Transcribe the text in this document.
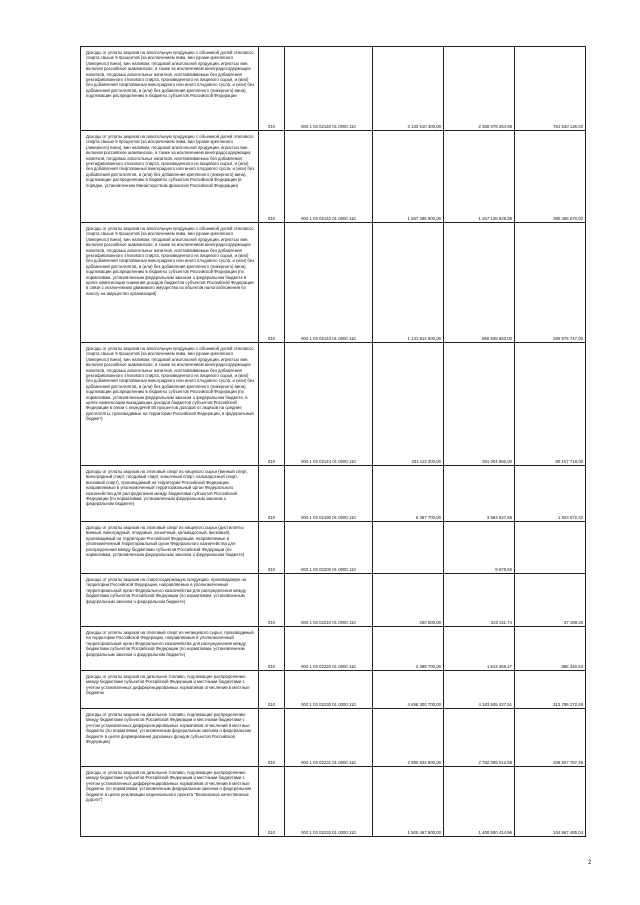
Доходы от уплаты акцизов на алкогольную продукцию с объемной долей этилового спирта свыше 9 процентов (за исключением пива, вин (кроме крепленого (ликерного) вина), вин наливом, плодовой алкогольной продукции, игристых вин, включая российское шампанское, а также за исключением виноградосодержащих напитков, плодовых алкогольных напитков, изготавливаемых без добавления ректификованного этилового спирта, произведенного из пищевого сырья, и (или) без добавления спиртованных виноградного или иного плодового сусла, и (или) без добавления дистиллятов, и (или) без добавления крепленого (ликерного) вина), подлежащие распределению в бюджеты субъектов Российской Федерации	010	000 1 03 02140 01 0000 110	3 133 610 400,00	2 368 079 264,98	761 540 136,02

Доходы от уплаты акцизов на алкогольную продукцию с объемной долей этилового спирта свыше 9 процентов (за исключением пива, вин (кроме крепленого (ликерного) вина), вин наливом, плодовой алкогольной продукции, игристых вин, включая российское шампанское, а также за исключением виноградосодержащих напитков, плодовых алкогольных напитков, изготавливаемых без добавления ректификованного этилового спирта, произведенного из пищевого сырья, и (или) без добавления спиртованных виноградного или иного плодового сусла, и (или) без добавления дистиллятов, и (или) без добавления крепленого (ликерного) вина), подлежащие распределению в бюджеты субъектов Российской Федерации (в порядке, установленном Министерством финансов Российской Федерации)	010	000 1 03 02142 01 0000 110	1 657 385 900,00	1 267 138 829,98	390 456 070,02

Доходы от уплаты акцизов на алкогольную продукцию с объемной долей этилового спирта свыше 9 процентов (за исключением пива, вин (кроме крепленого (ликерного) вина), вин наливом, плодовой алкогольной продукции, игристых вин, включая российское шампанское, а также за исключением виноградосодержащих напитков, плодовых алкогольных напитков, изготавливаемых без добавления ректификованного этилового спирта, произведенного из пищевого сырья, и (или) без добавления спиртованных виноградного или иного плодового сусла, и (или) без добавления дистиллятов, и (или) без добавления крепленого (ликерного) вина), подлежащие распределению в бюджеты субъектов Российской Федерации (по нормативам, установленным федеральным законом о федеральном бюджете в целях компенсации снижения доходов бюджетов субъектов Российской Федерации в связи с исключением движимого имущества из объектов налогообложения по налогу на имущество организаций)	010	000 1 03 02143 01 0000 110	1 131 814 600,00	850 839 853,00	280 975 747,00

Доходы от уплаты акцизов на алкогольную продукцию с объемной долей этилового спирта свыше 9 процентов (за исключением пива, вин (кроме крепленого (ликерного) вина), вин наливом, плодовой алкогольной продукции, игристых вин, включая российское шампанское, а также за исключением виноградосодержащих напитков, плодовых алкогольных напитков, изготавливаемых без добавления ректификованного этилового спирта, произведенного из пищевого сырья, и (или) без добавления спиртованных виноградного или иного плодового сусла, и (или) без добавления дистиллятов, и (или) без добавления крепленого (ликерного) вина), подлежащие распределению в бюджеты субъектов Российской Федерации (по нормативам, установленным федеральным законом о федеральном бюджете, в целях компенсации выпадающих доходов бюджетов субъектов Российской Федерации в связи с передачей 50 процентов доходов от акцизов на средние дистилляты, производимые на территории Российской Федерации, в федеральный бюджет)	010	000 1 03 02144 01 0000 110	331 112 300,00	251 004 582,00	80 107 718,00

Доходы от уплаты акцизов на этиловый спирт из пищевого сырья (винный спирт, виноградный спирт, плодовый спирт, коньячный спирт, кальвадосный спирт, висковый спирт), производимый на территории Российской Федерации, направляемые в уполномоченный территориальный орган Федерального казначейства для распределения между бюджетами субъектов Российской Федерации (по нормативам, установленным федеральным законом о федеральном бюджете)	010	000 1 03 02190 01 0000 110	5 387 700,00	3 563 627,68	1 823 072,32

Доходы от уплаты акцизов на этиловый спирт из пищевого сырья (дистилляты винный, виноградный, плодовый, коньячный, кальвадосный, висковый), производимый на территории Российской Федерации, направляемые в уполномоченный территориальный орган Федерального казначейства для распределения между бюджетами субъектов Российской Федерации (по нормативам, установленным федеральным законом о федеральном бюджете)	010	000 1 03 02200 01 0000 110		8 678,56	

Доходы от уплаты акцизов на спиртосодержащую продукцию, производимую на территории Российской Федерации, направляемые в уполномоченный территориальный орган Федерального казначейства для распределения между бюджетами субъектов Российской Федерации (по нормативам, установленным федеральным законом о федеральном бюджете)	010	000 1 03 02210 01 0000 110	260 500,00	223 311,74	37 188,26

Доходы от уплаты акцизов на этиловый спирт из непищевого сырья, производимый на территории Российской Федерации, направляемые в уполномоченный территориальный орган Федерального казначейства для распределения между бюджетами субъектов Российской Федерации (по нормативам, установленным федеральным законом о федеральном бюджете)	010	000 1 03 02220 01 0000 110	2 399 700,00	1 513 359,47	886 340,53

Доходы от уплаты акцизов на дизельное топливо, подлежащие распределению между бюджетами субъектов Российской Федерации и местными бюджетами с учетом установленных дифференцированных нормативов отчислений в местные бюджеты	010	000 1 03 02230 01 0000 110	4 496 300 700,00	4 183 505 427,51	313 795 272,49

Доходы от уплаты акцизов на дизельное топливо, подлежащие распределению между бюджетами субъектов Российской Федерации и местными бюджетами с учетом установленных дифференцированных нормативов отчислений в местные бюджеты (по нормативам, установленным федеральным законом о федеральном бюджете в целях формирования дорожных фондов субъектов Российской Федерации)	010	000 1 03 02231 01 0000 110	2 990 832 800,00	2 782 005 012,58	208 827 787,49

Доходы от уплаты акцизов на дизельное топливо, подлежащие распределению между бюджетами субъектов Российской Федерации и местными бюджетами с учетом установленных дифференцированных нормативов отчислений в местные бюджеты (по нормативам, установленным федеральным законом о федеральном бюджете в целях реализации национального проекта "Безопасные качественные дороги")	010	000 1 03 02232 01 0000 110	1 505 467 900,00	1 400 500 414,96	104 967 485,04
2
